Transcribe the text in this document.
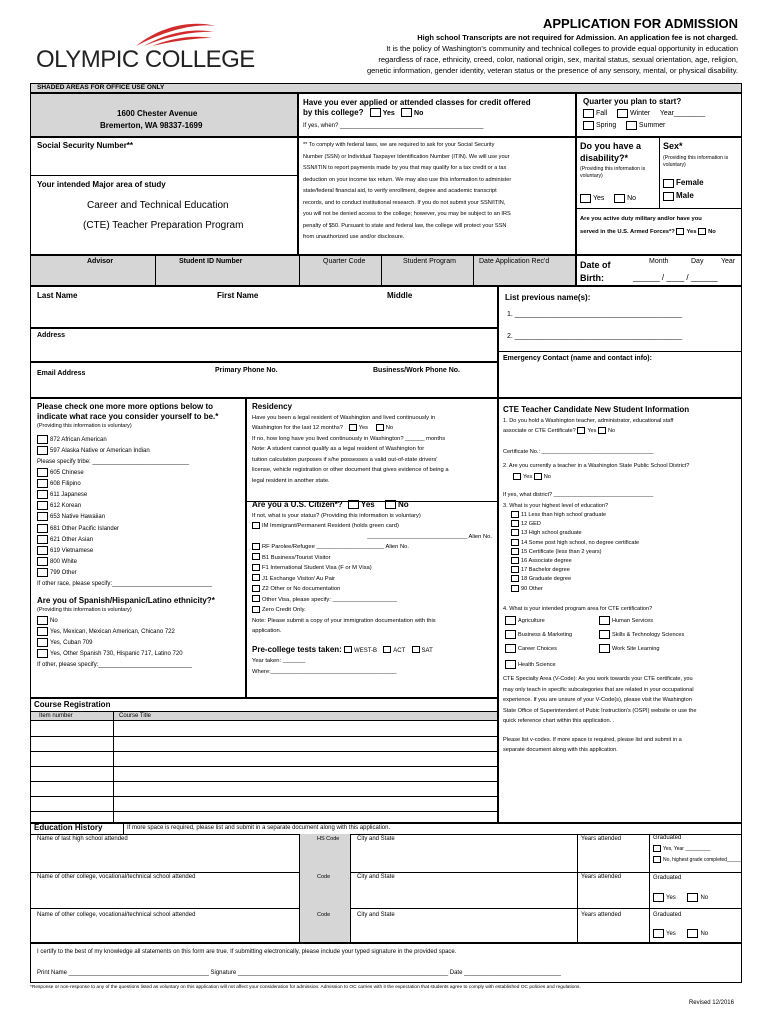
OLYMPIC COLLEGE
APPLICATION FOR ADMISSION
High school Transcripts are not required for Admission. An application fee is not charged.
It is the policy of Washington's community and technical colleges to provide equal opportunity in education
regardless of race, ethnicity, creed, color, national origin, sex, marital status, sexual orientation, age, religion,
genetic information, gender identity, veteran status or the presence of any sensory, mental, or physical disability.
SHADED AREAS FOR OFFICE USE ONLY
1600 Chester Avenue
Bremerton, WA 98337-1699
Have you ever applied or attended classes for credit offered
by this college?	Yes	No
If yes, when? ___________________________________________
Quarter you plan to start?
Fall	Winter Year________
Spring	Summer
Social Security Number**
Your intended Major area of study
Career and Technical Education
(CTE) Teacher Preparation Program
** To comply with federal laws, we are required to ask for your Social Security
Number (SSN) or Individual Taxpayer Identification Number (ITIN). We will use your
SSN/ITIN to report payments made by you that may qualify for a tax credit or a tax
deduction on your income tax return. We may also use this information to administer
state/federal financial aid, to verify enrollment, degree and academic transcript
records, and to conduct institutional research. If you do not submit your SSN/ITIN,
you will not be denied access to the college; however, you may be subject to an IRS
penalty of $50. Pursuant to state and federal law, the college will protect your SSN
from unauthorized use and/or disclosure.
Do you have a
disability?*
(Providing this information is
voluntary)
Yes	No
Sex*
(Providing this information is
voluntary)
Female
Male
Are you active duty military and/or have you
served in the U.S. Armed Forces*? Yes No
Advisor	Student ID Number	Quarter Code	Student Program	Date Application Rec'd	Date of
Birth:
Month	Day	Year
______ / ____ / ______
Last Name	First Name	Middle
Address
Email Address	Primary Phone No.	Business/Work Phone No.
List previous name(s):
1. ___________________________________________
2. ___________________________________________
Emergency Contact (name and contact info):
Please check one more more options below to
indicate what race you consider yourself to be.*
(Providing this information is voluntary)
872 African American
597 Alaska Native or American Indian
Please specify tribe: _____________________________
605 Chinese
608 Filipino
611 Japanese
612 Korean
653 Native Hawaiian
681 Other Pacific Islander
621 Other Asian
619 Vietnamese
800 White
799 Other
If other race, please specify:______________________________
Are you of Spanish/Hispanic/Latino ethnicity?*
(Providing this information is voluntary)
No
Yes, Mexican, Mexican American, Chicano 722
Yes, Cuban 709
Yes, Other Spanish 730, Hispanic 717, Latino 720
If other, please specify:____________________________
Residency
Have you been a legal resident of Washington and lived continuously in
Washington for the last 12 months?	Yes	No
If no, how long have you lived continuously in Washington? ______ months
Note: A student cannot qualify as a legal resident of Washington for
tuition calculation purposes if s/he possesses a valid out-of-state drivers'
license, vehicle registration or other document that gives evidence of being a
legal resident in another state.
Are you a U.S. Citizen*? Yes	No
If not, what is your status? (Providing this information is voluntary)
IM Immigrant/Permanent Resident (holds green card)
_______________________________ Alien No.
RF Parolee/Refugee _____________________ Alien No.
B1 Business/Tourist Visitor
F1 International Student Visa (F or M Visa)
J1 Exchange Visitor/ Au Pair
Z2 Other or No documentation
Other Visa, please specify: ____________________
Zero Credit Only.
Note: Please submit a copy of your immigration documentation with this
application.
Pre-college tests taken: WEST-B	ACT	SAT
Year taken: _______
Where:_______________________________________
CTE Teacher Candidate New Student Information
1. Do you hold a Washington teacher, administrator, educational staff
associate or CTE Certificate? Yes No
Certificate No.: ____________________________________
2. Are you currently a teacher in a Washington State Public School District?
Yes No
If yes, what district? ________________________________
3. What is your highest level of education?
11 Less than high school graduate
12 GED
13 High school graduate
14 Some post high school, no degree certificate
15 Certificate (less than 2 years)
16 Associate degree
17 Bachelor degree
18 Graduate degree
90 Other
4. What is your intended program area for CTE certification?
Agriculture	Human Services
Business & Marketing	Skills & Technology Sciences
Career Choices	Work Site Learning
Health Science
CTE Specialty Area (V-Code): As you work towards your CTE certificate, you
may only teach in specific subcategories that are related in your occupational
experience. If you are unsure of your V-Code(s), please visit the Washington
State Office of Superintendent of Pubic Instruction's (OSPI) website or use the
quick reference chart within this application. .
Please list v-codes. If more space is required, please list and submit in a
separate document along with this application.
Course Registration
Item number	Course Title
Education History	If more space is required, please list and submit in a separate document along with this application.
Name of last high school attended	HS Code	City and State	Years attended	Graduated
Yes, Year _________
No, highest grade completed_____
Name of other college, vocational/technical school attended	Code	City and State	Years attended	Graduated
Yes	No
Name of other college, vocational/technical school attended	Code	City and State	Years attended	Graduated
Yes	No
I certify to the best of my knowledge all statements on this form are true. If submitting electronically, please include your typed signature in the provided space.
Print Name __________________________________________ Signature _______________________________________________________________ Date _____________________________
*Response or non-response to any of the questions listed as voluntary on this application will not affect your consideration for admission. Admission to OC carries with it the expectation that students agree to comply with established OC policies and regulations.
Revised 12/2016
